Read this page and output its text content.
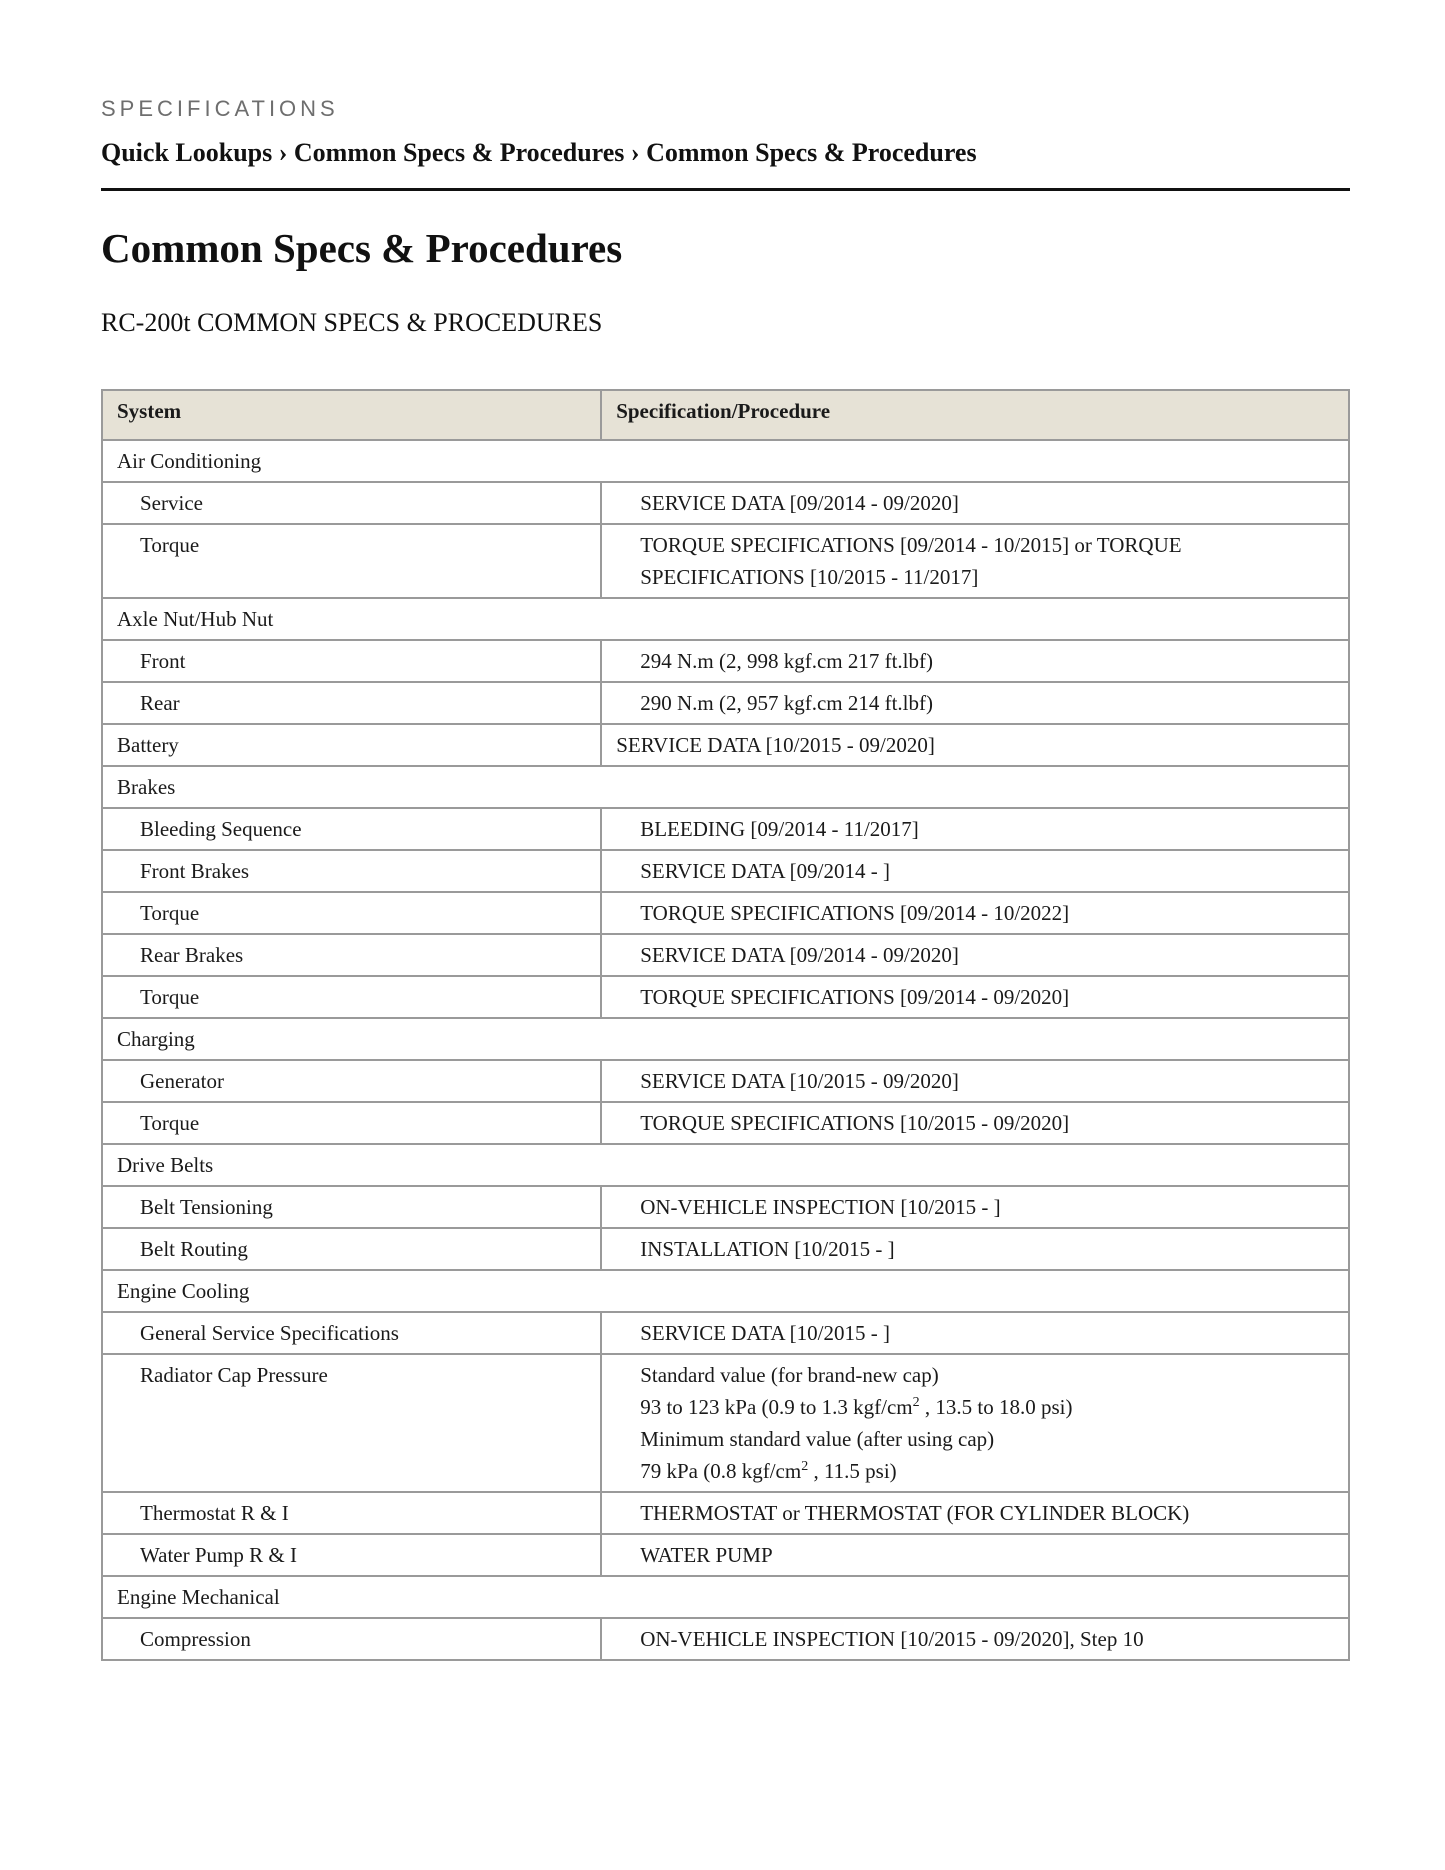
SPECIFICATIONS
Quick Lookups › Common Specs & Procedures › Common Specs & Procedures
Common Specs & Procedures
RC-200t COMMON SPECS & PROCEDURES
System	Specification/Procedure
Air Conditioning	
Service	SERVICE DATA [09/2014 - 09/2020]
Torque	TORQUE SPECIFICATIONS [09/2014 - 10/2015] or TORQUE SPECIFICATIONS [10/2015 - 11/2017]
Axle Nut/Hub Nut	
Front	294 N.m (2, 998 kgf.cm 217 ft.lbf)
Rear	290 N.m (2, 957 kgf.cm 214 ft.lbf)
Battery	SERVICE DATA [10/2015 - 09/2020]
Brakes	
Bleeding Sequence	BLEEDING [09/2014 - 11/2017]
Front Brakes	SERVICE DATA [09/2014 - ]
Torque	TORQUE SPECIFICATIONS [09/2014 - 10/2022]
Rear Brakes	SERVICE DATA [09/2014 - 09/2020]
Torque	TORQUE SPECIFICATIONS [09/2014 - 09/2020]
Charging	
Generator	SERVICE DATA [10/2015 - 09/2020]
Torque	TORQUE SPECIFICATIONS [10/2015 - 09/2020]
Drive Belts	
Belt Tensioning	ON-VEHICLE INSPECTION [10/2015 - ]
Belt Routing	INSTALLATION [10/2015 - ]
Engine Cooling	
General Service Specifications	SERVICE DATA [10/2015 - ]
Radiator Cap Pressure	Standard value (for brand-new cap)
93 to 123 kPa (0.9 to 1.3 kgf/$cm^2$ , 13.5 to 18.0 psi)
Minimum standard value (after using cap)
79 kPa (0.8 kgf/$cm^2$ , 11.5 psi)

Thermostat R & I	THERMOSTAT or THERMOSTAT (FOR CYLINDER BLOCK)
Water Pump R & I	WATER PUMP
Engine Mechanical	
Compression	ON-VEHICLE INSPECTION [10/2015 - 09/2020], Step 10
